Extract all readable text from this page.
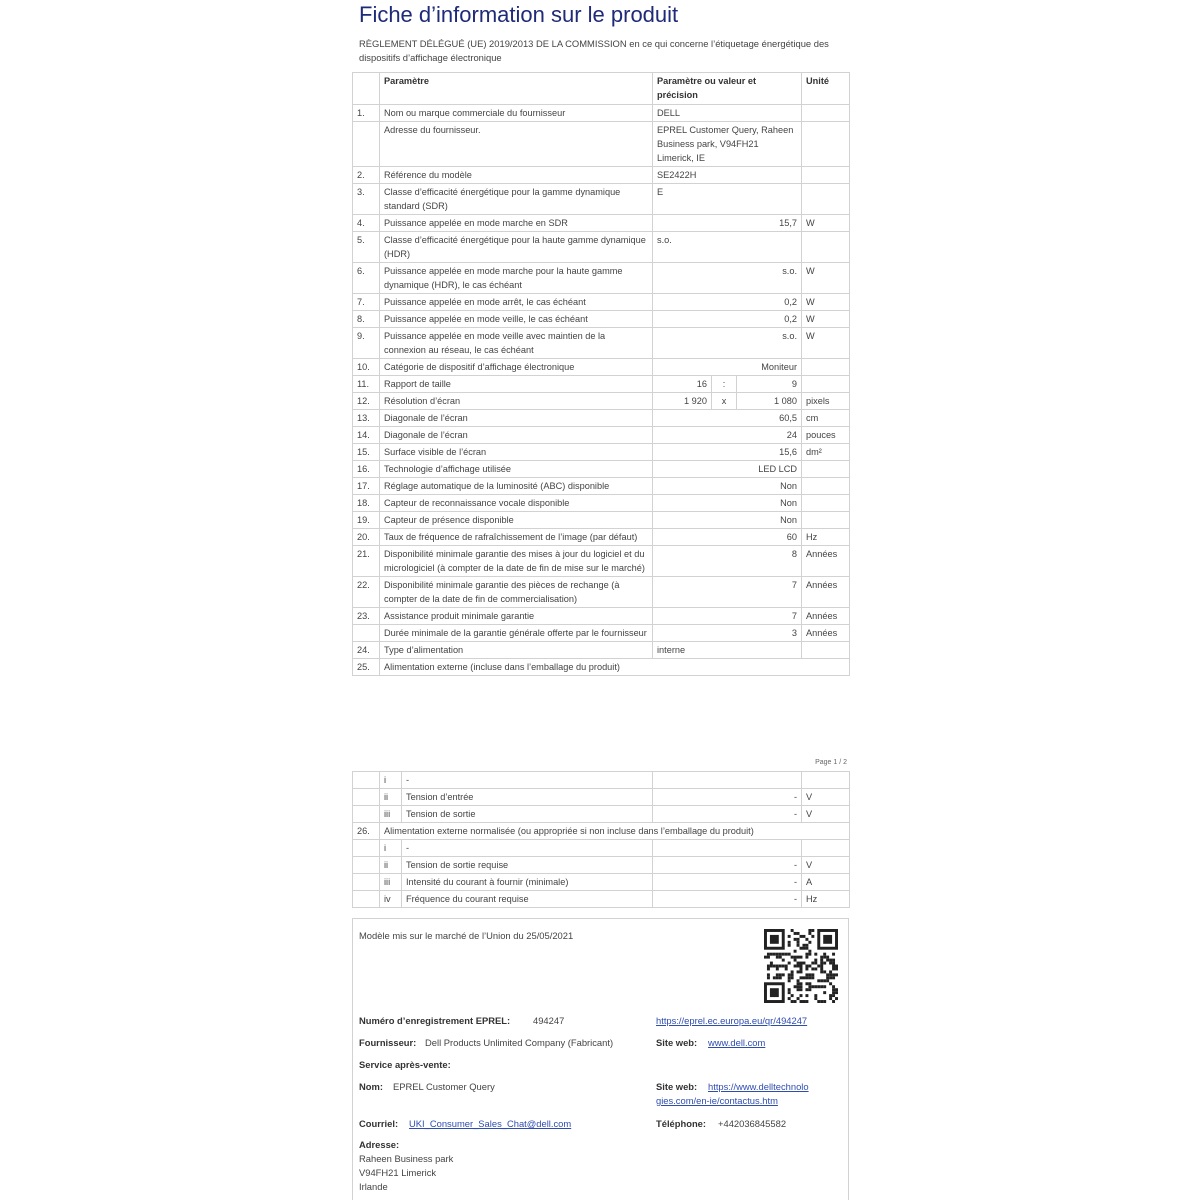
Fiche d’information sur le produit
RÈGLEMENT DÉLÉGUÉ (UE) 2019/2013 DE LA COMMISSION en ce qui concerne l’étiquetage énergétique des dispositifs d’affichage électronique
	Paramètre	Paramètre ou valeur et précision			Unité
1.	Nom ou marque commerciale du fournisseur	DELL			
	Adresse du fournisseur.	EPREL Customer Query, Raheen Business park, V94FH21 Limerick, IE			
2.	Référence du modèle	SE2422H			
3.	Classe d’efficacité énergétique pour la gamme dynamique standard (SDR)	E			
4.	Puissance appelée en mode marche en SDR	15,7			W
5.	Classe d’efficacité énergétique pour la haute gamme dynamique (HDR)	s.o.			
6.	Puissance appelée en mode marche pour la haute gamme dynamique (HDR), le cas échéant	s.o.			W
7.	Puissance appelée en mode arrêt, le cas échéant	0,2			W
8.	Puissance appelée en mode veille, le cas échéant	0,2			W
9.	Puissance appelée en mode veille avec maintien de la connexion au réseau, le cas échéant	s.o.			W
10.	Catégorie de dispositif d’affichage électronique	Moniteur			
11.	Rapport de taille	16	:	9	
12.	Résolution d’écran	1 920	x	1 080	pixels
13.	Diagonale de l’écran	60,5			cm
14.	Diagonale de l’écran	24			pouces
15.	Surface visible de l’écran	15,6			dm²
16.	Technologie d’affichage utilisée	LED LCD			
17.	Réglage automatique de la luminosité (ABC) disponible	Non			
18.	Capteur de reconnaissance vocale disponible	Non			
19.	Capteur de présence disponible	Non			
20.	Taux de fréquence de rafraîchissement de l’image (par défaut)	60			Hz
21.	Disponibilité minimale garantie des mises à jour du logiciel et du micrologiciel (à compter de la date de fin de mise sur le marché)	8			Années
22.	Disponibilité minimale garantie des pièces de rechange (à compter de la date de fin de commercialisation)	7			Années
23.	Assistance produit minimale garantie	7			Années
	Durée minimale de la garantie générale offerte par le fournisseur	3			Années
24.	Type d’alimentation	interne			
25.	Alimentation externe (incluse dans l’emballage du produit)				
Page 1 / 2
	i	-		
	ii	Tension d’entrée	-	V
	iii	Tension de sortie	-	V
26.	Alimentation externe normalisée (ou appropriée si non incluse dans l’emballage du produit)			
	i	-		
	ii	Tension de sortie requise	-	V
	iii	Intensité du courant à fournir (minimale)	-	A
	iv	Fréquence du courant requise	-	Hz
Modèle mis sur le marché de l’Union du 25/05/2021
Numéro d’enregistrement EPREL: 494247	https://eprel.ec.europa.eu/qr/494247
Fournisseur: Dell Products Unlimited Company (Fabricant)	Site web: www.dell.com
Service après-vente:
Nom: EPREL Customer Query	Site web: https://www.delltechnolo
gies.com/en-ie/contactus.htm
Courriel: UKI_Consumer_Sales_Chat@dell.com	Téléphone: +442036845582
Adresse:
Raheen Business park
V94FH21 Limerick
Irlande
